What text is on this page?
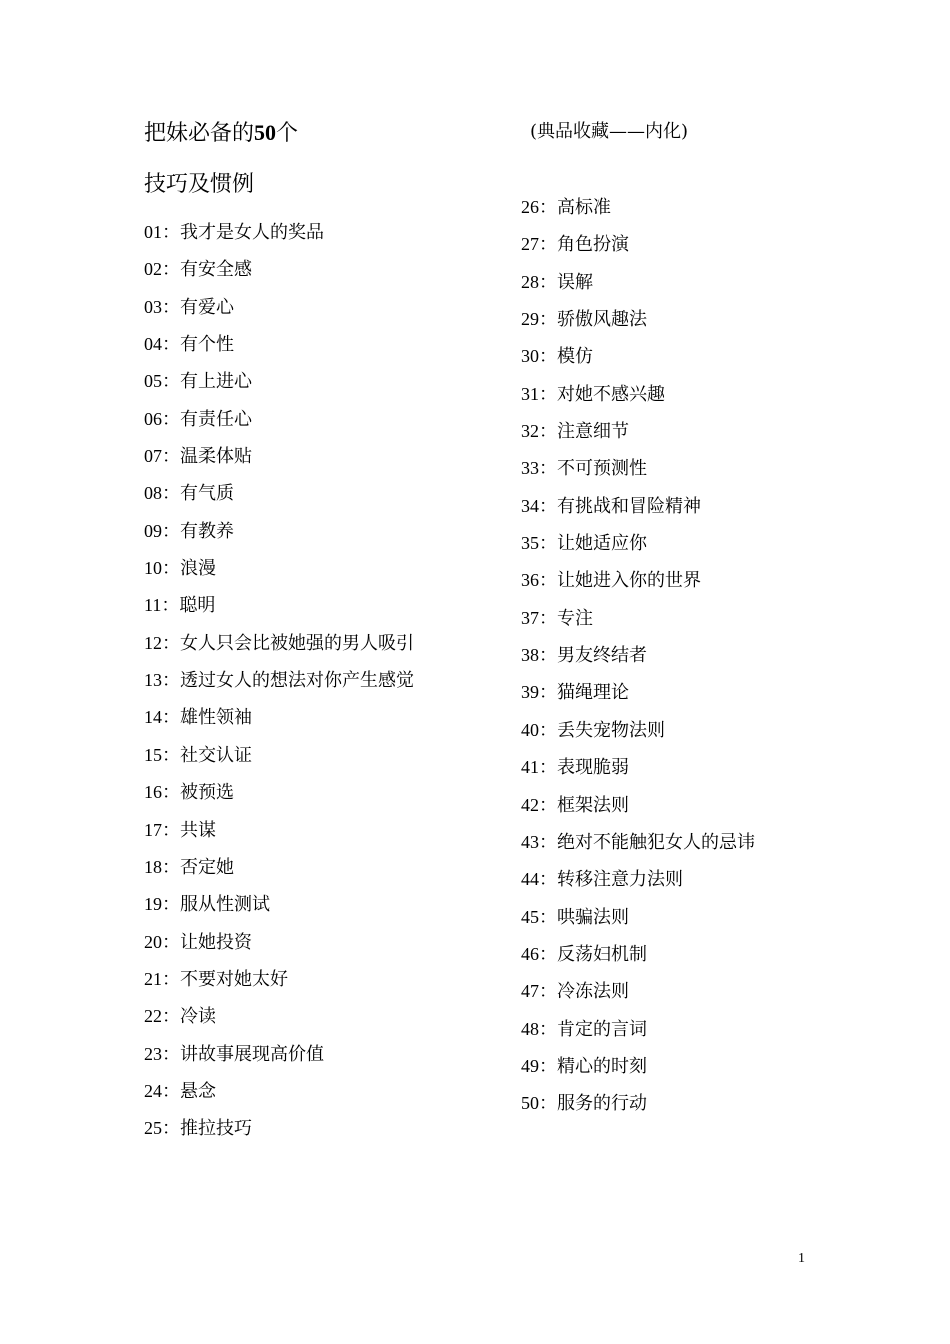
把妹必备的50个
技巧及惯例
(典品收藏——内化)
01：我才是女人的奖品
02：有安全感
03：有爱心
04：有个性
05：有上进心
06：有责任心
07：温柔体贴
08：有气质
09：有教养
10：浪漫
11：聪明
12：女人只会比被她强的男人吸引
13：透过女人的想法对你产生感觉
14：雄性领袖
15：社交认证
16：被预选
17：共谋
18：否定她
19：服从性测试
20：让她投资
21：不要对她太好
22：冷读
23：讲故事展现高价值
24：悬念
25：推拉技巧
26：高标准
27：角色扮演
28：误解
29：骄傲风趣法
30：模仿
31：对她不感兴趣
32：注意细节
33：不可预测性
34：有挑战和冒险精神
35：让她适应你
36：让她进入你的世界
37：专注
38：男友终结者
39：猫绳理论
40：丢失宠物法则
41：表现脆弱
42：框架法则
43：绝对不能触犯女人的忌讳
44：转移注意力法则
45：哄骗法则
46：反荡妇机制
47：冷冻法则
48：肯定的言词
49：精心的时刻
50：服务的行动
1
